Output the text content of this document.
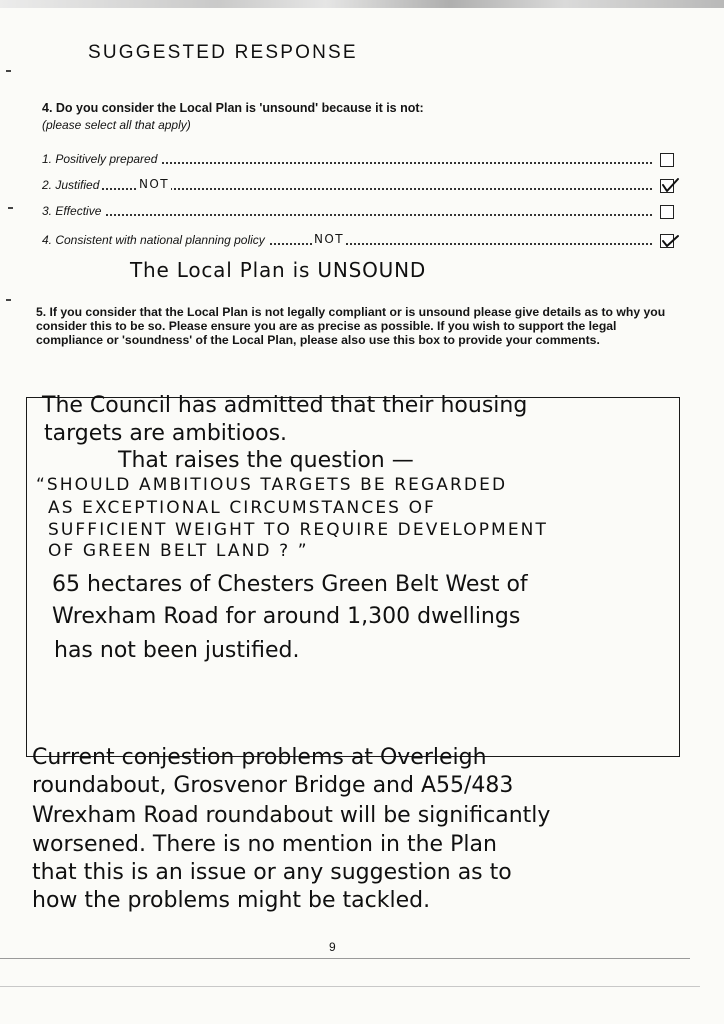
SUGGESTED RESPONSE
4. Do you consider the Local Plan is 'unsound' because it is not:
(please select all that apply)
1. Positively prepared
2. Justified	NOT
3. Effective
4. Consistent with national planning policy	NOT
The Local Plan is UNSOUND
5. If you consider that the Local Plan is not legally compliant or is unsound please give details as to why you consider this to be so. Please ensure you are as precise as possible. If you wish to support the legal compliance or 'soundness' of the Local Plan, please also use this box to provide your comments.
The Council has admitted that their housing
targets are ambitioos.
That raises the question —
“SHOULD AMBITIOUS TARGETS BE REGARDED
AS EXCEPTIONAL CIRCUMSTANCES OF
SUFFICIENT WEIGHT TO REQUIRE DEVELOPMENT
OF GREEN BELT LAND ? ”
65 hectares of Chesters Green Belt West of
Wrexham Road for around 1,300 dwellings
has not been justified.
Current conjestion problems at Overleigh
roundabout, Grosvenor Bridge and A55/483
Wrexham Road roundabout will be significantly
worsened. There is no mention in the Plan
that this is an issue or any suggestion as to
how the problems might be tackled.
9
